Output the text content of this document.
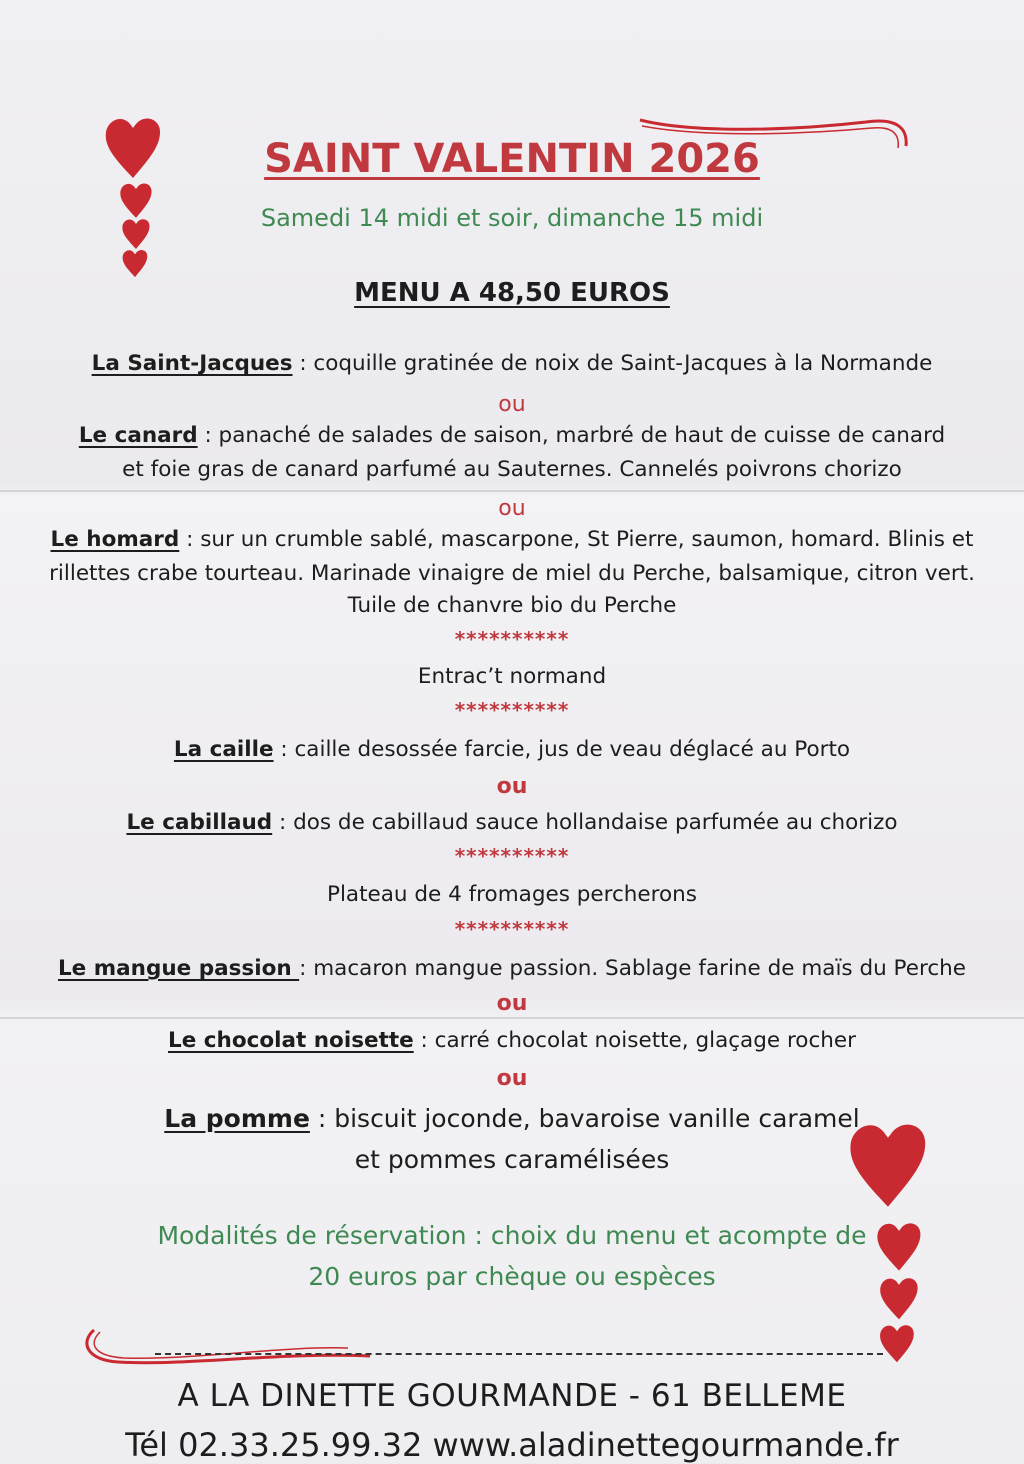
SAINT VALENTIN 2026
Samedi 14 midi et soir, dimanche 15 midi
MENU A 48,50 EUROS
La Saint-Jacques : coquille gratinée de noix de Saint-Jacques à la Normande
ou
Le canard : panaché de salades de saison, marbré de haut de cuisse de canard
et foie gras de canard parfumé au Sauternes. Cannelés poivrons chorizo
ou
Le homard : sur un crumble sablé, mascarpone, St Pierre, saumon, homard. Blinis et
rillettes crabe tourteau. Marinade vinaigre de miel du Perche, balsamique, citron vert.
Tuile de chanvre bio du Perche
**********
Entrac’t normand
**********
La caille : caille desossée farcie, jus de veau déglacé au Porto
ou
Le cabillaud : dos de cabillaud sauce hollandaise parfumée au chorizo
**********
Plateau de 4 fromages percherons
**********
Le mangue passion : macaron mangue passion. Sablage farine de maïs du Perche
ou
Le chocolat noisette : carré chocolat noisette, glaçage rocher
ou
La pomme : biscuit joconde, bavaroise vanille caramel
et pommes caramélisées
Modalités de réservation : choix du menu et acompte de
20 euros par chèque ou espèces
A LA DINETTE GOURMANDE - 61 BELLEME
Tél 02.33.25.99.32 www.aladinettegourmande.fr
